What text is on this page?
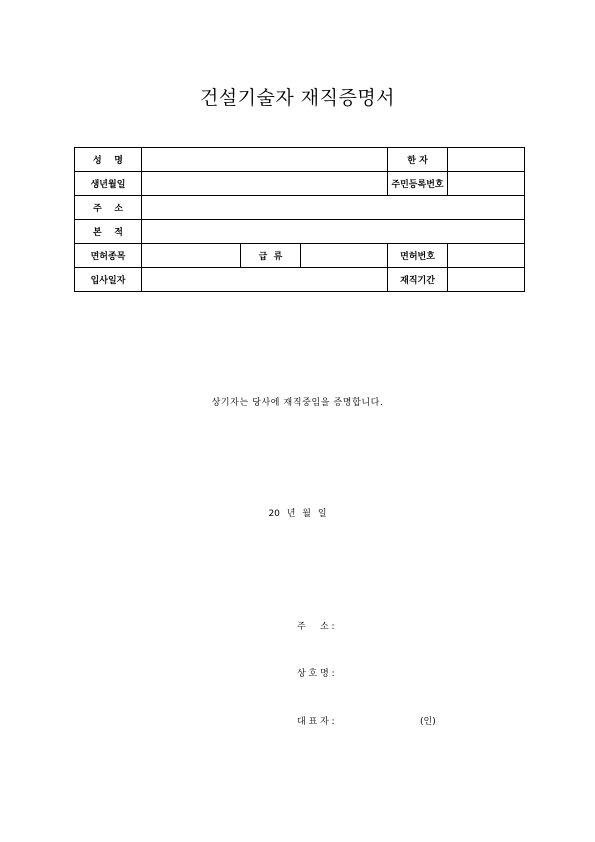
건설기술자 재직증명서
성    명				한 자	
생년월일				주민등록번호	
주    소					
본    적					
면허종목		급  류		면허번호	
입사일자				재직기간	
상기자는 당사에 재직중임을 증명합니다.
20 년 월 일
주     소 :
상 호 명 :
대 표 자 :	(인)
